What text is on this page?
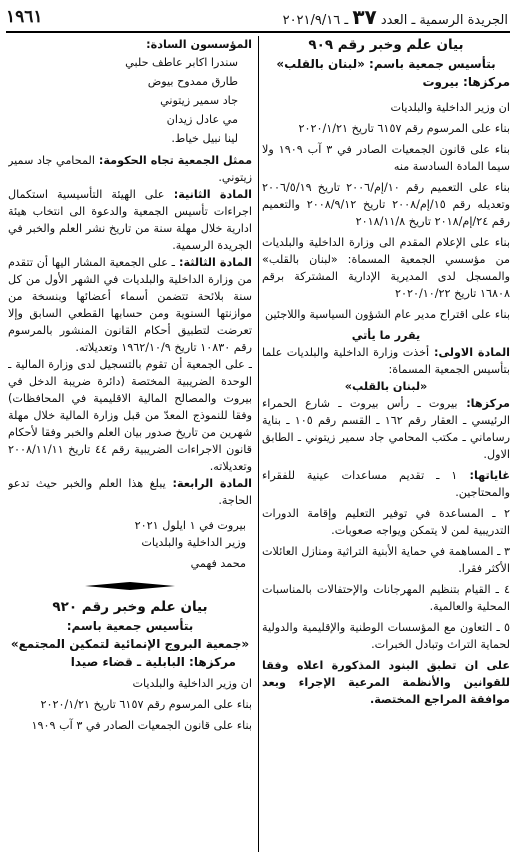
الجريدة الرسمية ـ العدد ٣٧ ـ ٢٠٢١/٩/١٦
١٩٦١
بيان علم وخبر رقم ٩٠٩
بتأسيس جمعية باسم: «لبنان بالقلب»
مركزها: بيروت

ان وزير الداخلية والبلديات

بناء على المرسوم رقم ٦١٥٧ تاريخ ٢٠٢٠/١/٢١

بناء على قانون الجمعيات الصادر في ٣ آب ١٩٠٩ ولا سيما المادة السادسة منه

بناء على التعميم رقم ١٠/إم/٢٠٠٦ تاريخ ٢٠٠٦/٥/١٩ وتعديله رقم ١٥/إم/٢٠٠٨ تاريخ ٢٠٠٨/٩/١٢ والتعميم رقم ٢٤/إم/٢٠١٨ تاريخ ٢٠١٨/١١/٨

بناء على الإعلام المقدم الى وزارة الداخلية والبلديات من مؤسسي الجمعية المسماة: «لبنان بالقلب» والمسجل لدى المديرية الإدارية المشتركة برقم ١٦٨٠٨ تاريخ ٢٠٢٠/١٠/٢٢

بناء على اقتراح مدير عام الشؤون السياسية واللاجئين

يقرر ما يأتي

المادة الاولى: أخذت وزارة الداخلية والبلديات علما بتأسيس الجمعية المسماة:

«لبنان بالقلب»

مركزها: بيروت ـ رأس بيروت ـ شارع الحمراء الرئيسي ـ العقار رقم ١٦٢ ـ القسم رقم ١٠٥ ـ بناية رساماني ـ مكتب المحامي جاد سمير زيتوني ـ الطابق الاول.

غاياتها: ١ ـ تقديم مساعدات عينية للفقراء والمحتاجين.

٢ ـ المساعدة في توفير التعليم وإقامة الدورات التدريبية لمن لا يتمكن ويواجه صعوبات.

٣ ـ المساهمة في حماية الأبنية التراثية ومنازل العائلات الأكثر فقرا.

٤ ـ القيام بتنظيم المهرجانات والإحتفالات بالمناسبات المحلية والعالمية.

٥ ـ التعاون مع المؤسسات الوطنية والإقليمية والدولية لحماية التراث وتبادل الخبرات.

على ان تطبق البنود المذكورة اعلاه وفقا للقوانين والأنظمة المرعية الإجراء وبعد موافقة المراجع المختصة.

المؤسسون السادة:

سندرا اكابر عاطف حلبي
طارق ممدوح بيوض
جاد سمير زيتوني
مي عادل زيدان
لينا نبيل خياط.

ممثل الجمعية تجاه الحكومة: المحامي جاد سمير زيتوني.

المادة الثانية: على الهيئة التأسيسية استكمال اجراءات تأسيس الجمعية والدعوة الى انتخاب هيئة ادارية خلال مهلة سنة من تاريخ نشر العلم والخبر في الجريدة الرسمية.

المادة الثالثة: ـ على الجمعية المشار اليها أن تتقدم من وزارة الداخلية والبلديات في الشهر الأول من كل سنة بلائحة تتضمن أسماء أعضائها وبنسخة من موازنتها السنوية ومن حسابها القطعي السابق وإلا تعرضت لتطبيق أحكام القانون المنشور بالمرسوم رقم ١٠٨٣٠ تاريخ ١٩٦٢/١٠/٩ وتعديلاته.

ـ على الجمعية أن تقوم بالتسجيل لدى وزارة المالية ـ الوحدة الضريبية المختصة (دائرة ضريبة الدخل في بيروت والمصالح المالية الاقليمية في المحافظات) وفقا للنموذج المعدّ من قبل وزارة المالية خلال مهلة شهرين من تاريخ صدور بيان العلم والخبر وفقا لأحكام قانون الاجراءات الضريبية رقم ٤٤ تاريخ ٢٠٠٨/١١/١١ وتعديلاته.

المادة الرابعة: يبلغ هذا العلم والخبر حيث تدعو الحاجة.

بيروت في ١ ايلول ٢٠٢١

وزير الداخلية والبلديات

محمد فهمي

بيان علم وخبر رقم ٩٢٠
بتأسيس جمعية باسم:
«جمعية البروج الإنمائية لتمكين المجتمع»
مركزها: البابلية ـ قضاء صيدا

ان وزير الداخلية والبلديات

بناء على المرسوم رقم ٦١٥٧ تاريخ ٢٠٢٠/١/٢١

بناء على قانون الجمعيات الصادر في ٣ آب ١٩٠٩
